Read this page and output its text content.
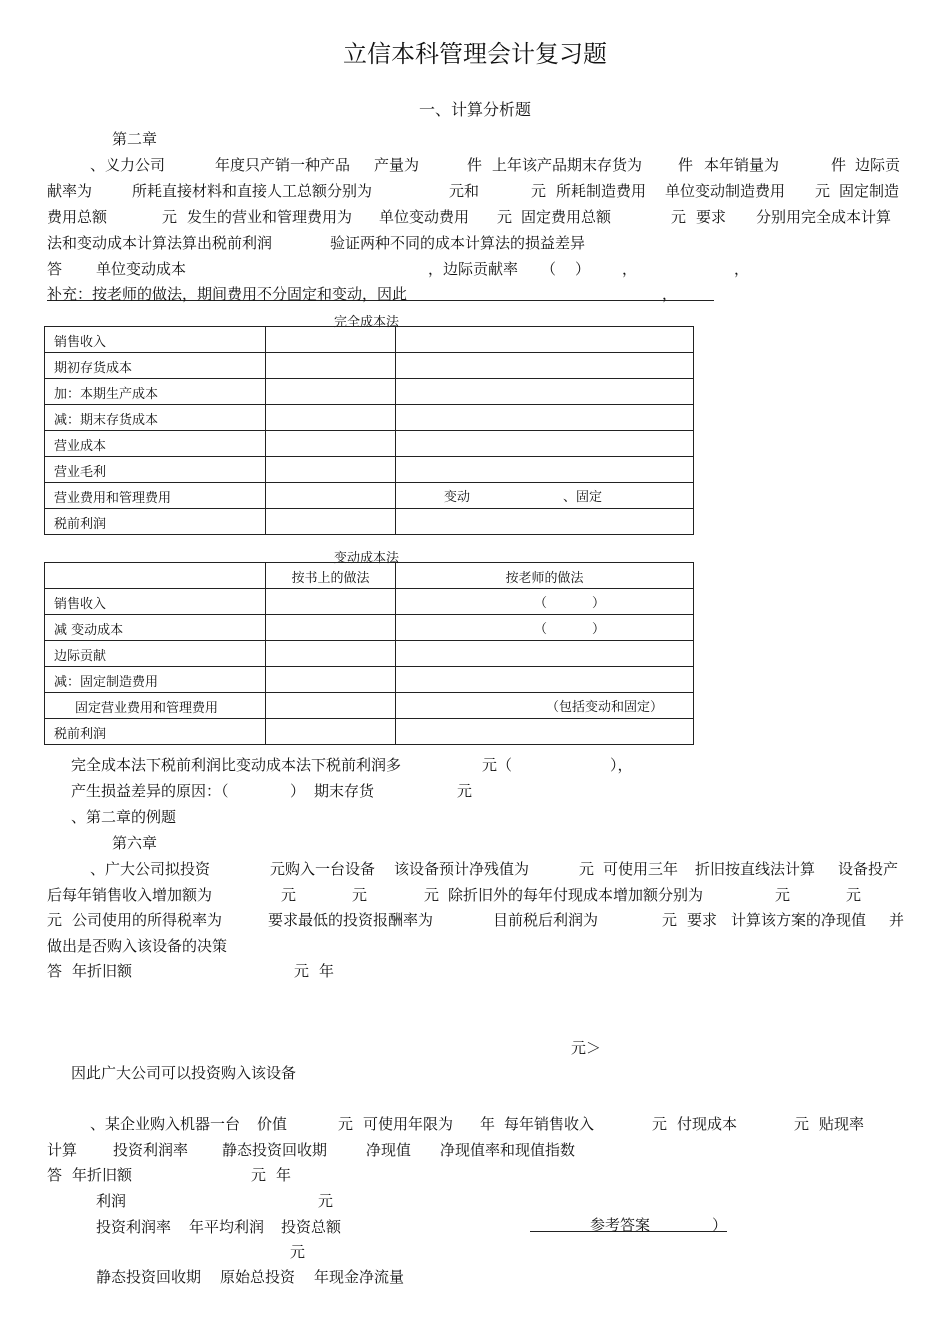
立信本科管理会计复习题
一、计算分析题
第二章
、义力公司	年度只产销一种产品 产量为	件 上年该产品期末存货为 件 本年销量为	件 边际贡
献率为	所耗直接材料和直接人工总额分别为	元和	元 所耗制造费用 单位变动制造费用 元 固定制造
费用总额	元 发生的营业和管理费用为 单位变动费用 元 固定费用总额	元 要求 分别用完全成本计算
法和变动成本计算法算出税前利润	验证两种不同的成本计算法的损益差异
答 单位变动成本	，边际贡献率 （ ） ，	，
补充：按老师的做法，期间费用不分固定和变动，因此	，
完全成本法
销售收入		
期初存货成本		
加：本期生产成本		
减：期末存货成本		
营业成本		
营业毛利		
营业费用和管理费用		变动 、固定

税前利润		
变动成本法
	按书上的做法	按老师的做法
销售收入		（ ）

减 变动成本		（ ）

边际贡献		
减：固定制造费用		
固定营业费用和管理费用		（包括变动和固定）

税前利润		
完全成本法下税前利润比变动成本法下税前利润多	元（	），
产生损益差异的原因：（	） 期末存货	元
、第二章的例题
第六章
、广大公司拟投资	元购入一台设备 该设备预计净残值为	元 可使用三年 折旧按直线法计算 设备投产
后每年销售收入增加额为	元	元	元 除折旧外的每年付现成本增加额分别为	元	元
元 公司使用的所得税率为	要求最低的投资报酬率为	目前税后利润为	元 要求 计算该方案的净现值 并
做出是否购入该设备的决策
答 年折旧额	元 年
元＞
因此广大公司可以投资购入该设备
、某企业购入机器一台 价值	元 可使用年限为 年 每年销售收入	元 付现成本	元 贴现率
计算 投资利润率 静态投资回收期	净现值 净现值率和现值指数
答 年折旧额	元 年
利润	元
投资利润率 年平均利润 投资总额	参考答案	）
元
静态投资回收期 原始总投资 年现金净流量
